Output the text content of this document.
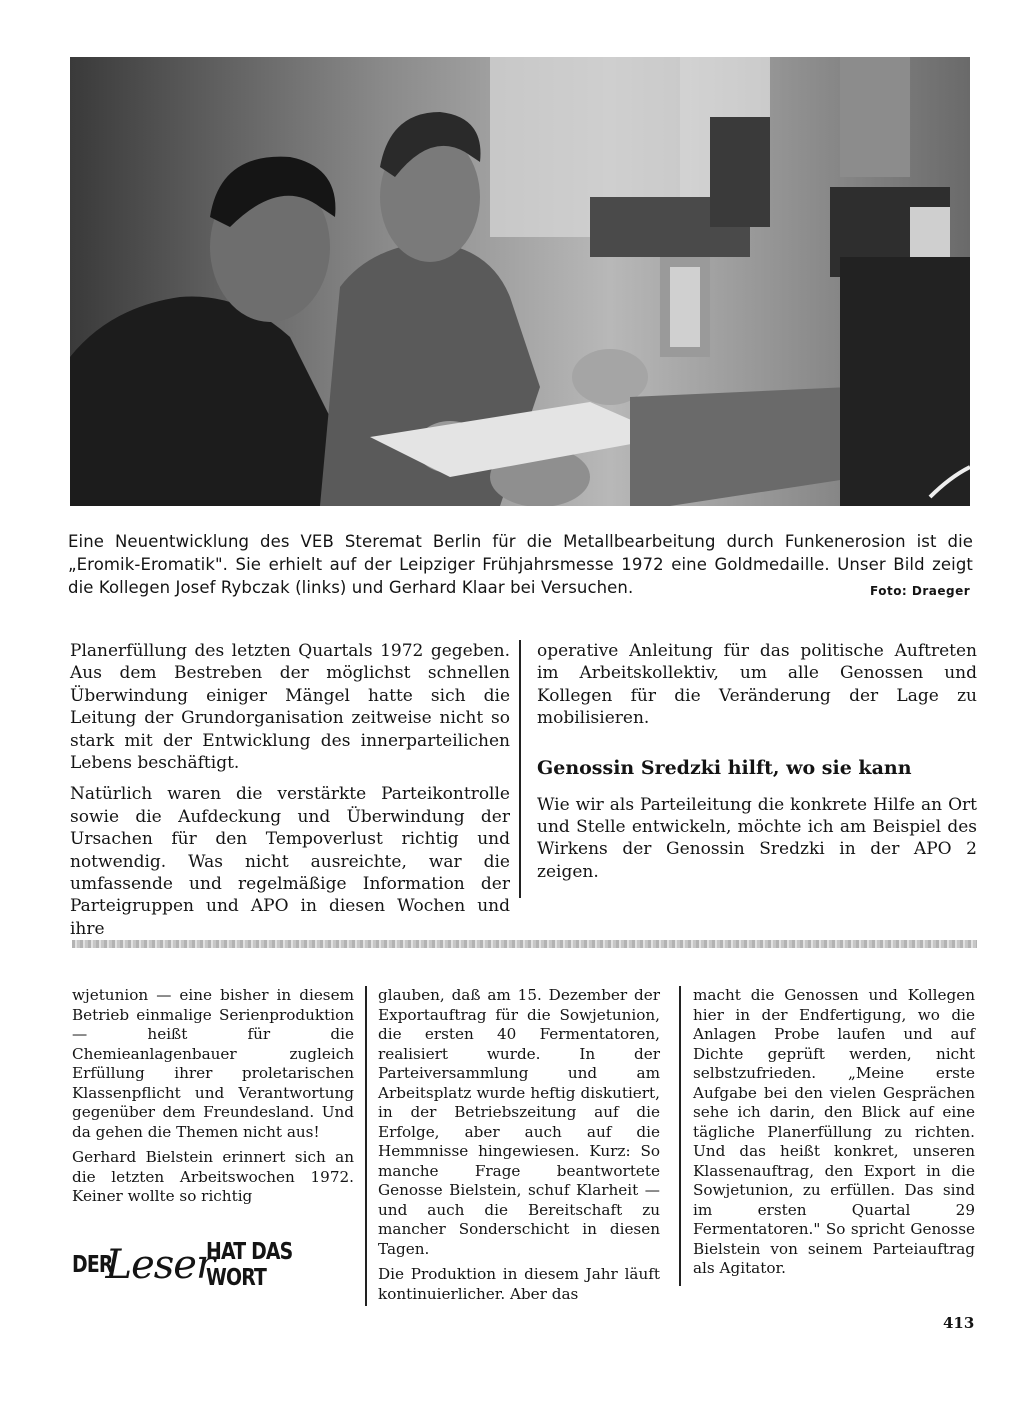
Eine Neuentwicklung des VEB Steremat Berlin für die Metallbearbeitung durch Funkenerosion ist die „Eromik-Eromatik". Sie erhielt auf der Leipziger Frühjahrsmesse 1972 eine Goldmedaille. Unser Bild zeigt die Kollegen Josef Rybczak (links) und Gerhard Klaar bei Versuchen.	Foto: Draeger

Planerfüllung des letzten Quartals 1972 gegeben. Aus dem Bestreben der möglichst schnellen Überwindung einiger Mängel hatte sich die Leitung der Grundorganisation zeitweise nicht so stark mit der Entwicklung des innerparteilichen Lebens beschäftigt.

Natürlich waren die verstärkte Parteikontrolle sowie die Aufdeckung und Überwindung der Ursachen für den Tempoverlust richtig und notwendig. Was nicht ausreichte, war die umfassende und regelmäßige Information der Parteigruppen und APO in diesen Wochen und ihre

operative Anleitung für das politische Auftreten im Arbeitskollektiv, um alle Genossen und Kollegen für die Veränderung der Lage zu mobilisieren.

Genossin Sredzki hilft, wo sie kann

Wie wir als Parteileitung die konkrete Hilfe an Ort und Stelle entwickeln, möchte ich am Beispiel des Wirkens der Genossin Sredzki in der APO 2 zeigen.

wjetunion — eine bisher in diesem Betrieb einmalige Serienproduktion — heißt für die Chemieanlagenbauer zugleich Erfüllung ihrer proletarischen Klassenpflicht und Verantwortung gegenüber dem Freundesland. Und da gehen die Themen nicht aus!

Gerhard Bielstein erinnert sich an die letzten Arbeitswochen 1972. Keiner wollte so richtig

glauben, daß am 15. Dezember der Exportauftrag für die Sowjetunion, die ersten 40 Fermentatoren, realisiert wurde. In der Parteiversammlung und am Arbeitsplatz wurde heftig diskutiert, in der Betriebszeitung auf die Erfolge, aber auch auf die Hemmnisse hingewiesen. Kurz: So manche Frage beantwortete Genosse Bielstein, schuf Klarheit — und auch die Bereitschaft zu mancher Sonderschicht in diesen Tagen.

Die Produktion in diesem Jahr läuft kontinuierlicher. Aber das

macht die Genossen und Kollegen hier in der Endfertigung, wo die Anlagen Probe laufen und auf Dichte geprüft werden, nicht selbstzufrieden. „Meine erste Aufgabe bei den vielen Gesprächen sehe ich darin, den Blick auf eine tägliche Planerfüllung zu richten. Und das heißt konkret, unseren Klassenauftrag, den Export in die Sowjetunion, zu erfüllen. Das sind im ersten Quartal 29 Fermentatoren." So spricht Genosse Bielstein von seinem Parteiauftrag als Agitator.

DER
Leser
HAT DAS WORT
413
